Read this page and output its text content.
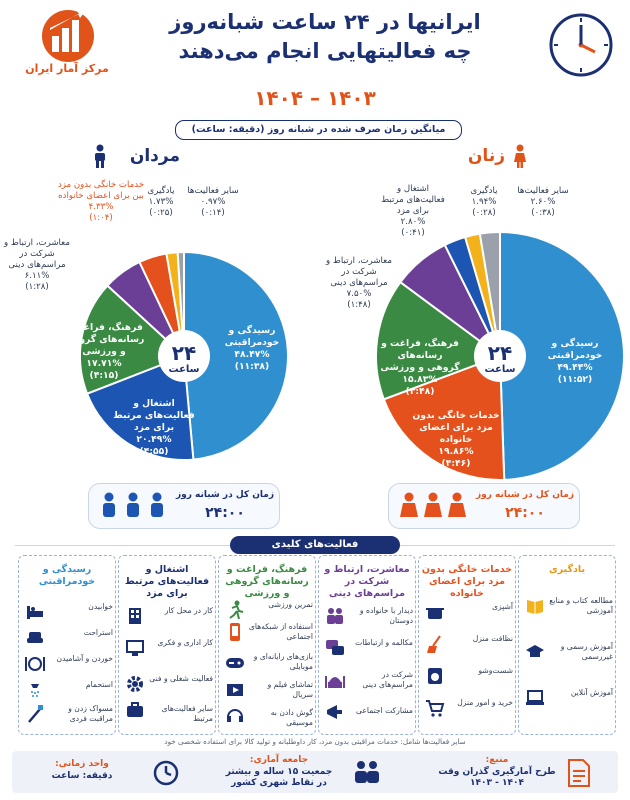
مرکز آمار ایران
ایرانیها در ۲۴ ساعت شبانه‌روز
چه فعالیتهایی انجام می‌دهند
۱۴۰۳ – ۱۴۰۴
میانگین زمان صرف شده در شبانه روز (دقیقه: ساعت)
مردان	زنان
سایر فعالیت‌ها
۰.۹۷%
(۰:۱۴)
یادگیری
۱.۷۳%
(۰:۲۵)
خدمات خانگی بدون مزد بین برای اعضای خانواده
۴.۳۳%
(۱:۰۴)
معاشرت، ارتباط و شرکت در مراسم‌های دینی
۶.۱۱%
(۱:۲۸)
رسیدگی و خودمراقبتی
۴۸.۴۷%
(۱۱:۳۸)
اشتغال و فعالیت‌های مرتبط برای مزد
۲۰.۴۹%
(۴:۵۵)
فرهنگ، فراغت و رسانه‌های گروهی و ورزشی
۱۷.۷۱%
(۴:۱۵)
سایر فعالیت‌ها
۲.۶۰%
(۰:۳۸)
یادگیری
۱.۹۴%
(۰:۲۸)
اشتغال و فعالیت‌های مرتبط برای مزد
۲.۸۰%
(۰:۴۱)
معاشرت، ارتباط و شرکت در مراسم‌های دینی
۷.۵۰%
(۱:۴۸)
رسیدگی و خودمراقبتی
۴۹.۴۴%
(۱۱:۵۲)
خدمات خانگی بدون مزد برای اعضای خانواده
۱۹.۸۶%
(۴:۴۶)
فرهنگ، فراغت و رسانه‌های گروهی و ورزشی
۱۵.۸۳%
(۳:۴۸)
۲۴
ساعت
۲۴
ساعت
زمان کل در شبانه روز
۲۴:۰۰
زمان کل در شبانه روز
۲۴:۰۰
فعالیت‌های کلیدی
یادگیری
مطالعه کتاب و منابع آموزشی
آموزش رسمی و غیررسمی
آموزش آنلاین
خدمات خانگی بدون مزد برای اعضای خانواده
آشپزی
نظافت منزل
شست‌وشو
خرید و امور منزل
معاشرت، ارتباط و شرکت در مراسم‌های دینی
دیدار با خانواده و دوستان
مکالمه و ارتباطات
شرکت در مراسم‌های دینی
مشارکت اجتماعی
فرهنگ، فراغت و رسانه‌های گروهی و ورزشی
تمرین ورزشی
استفاده از شبکه‌های اجتماعی
بازی‌های رایانه‌ای و موبایلی
تماشای فیلم و سریال
گوش دادن به موسیقی
اشتغال و فعالیت‌های مرتبط برای مزد
کار در محل کار
کار اداری و فکری
فعالیت شغلی و فنی
سایر فعالیت‌های مرتبط
رسیدگی و خودمراقبتی
خوابیدن
استراحت
خوردن و آشامیدن
استحمام
مسواک زدن و مراقبت فردی
سایر فعالیت‌ها شامل: خدمات مراقبتی بدون مزد، کار داوطلبانه و تولید کالا برای استفاده شخصی خود
منبع:
طرح آمارگیری گذران وقت
۱۴۰۴ - ۱۴۰۳
جامعه آماری:
جمعیت ۱۵ ساله و بیشتر
در نقاط شهری کشور
واحد زمانی:
دقیقه: ساعت
